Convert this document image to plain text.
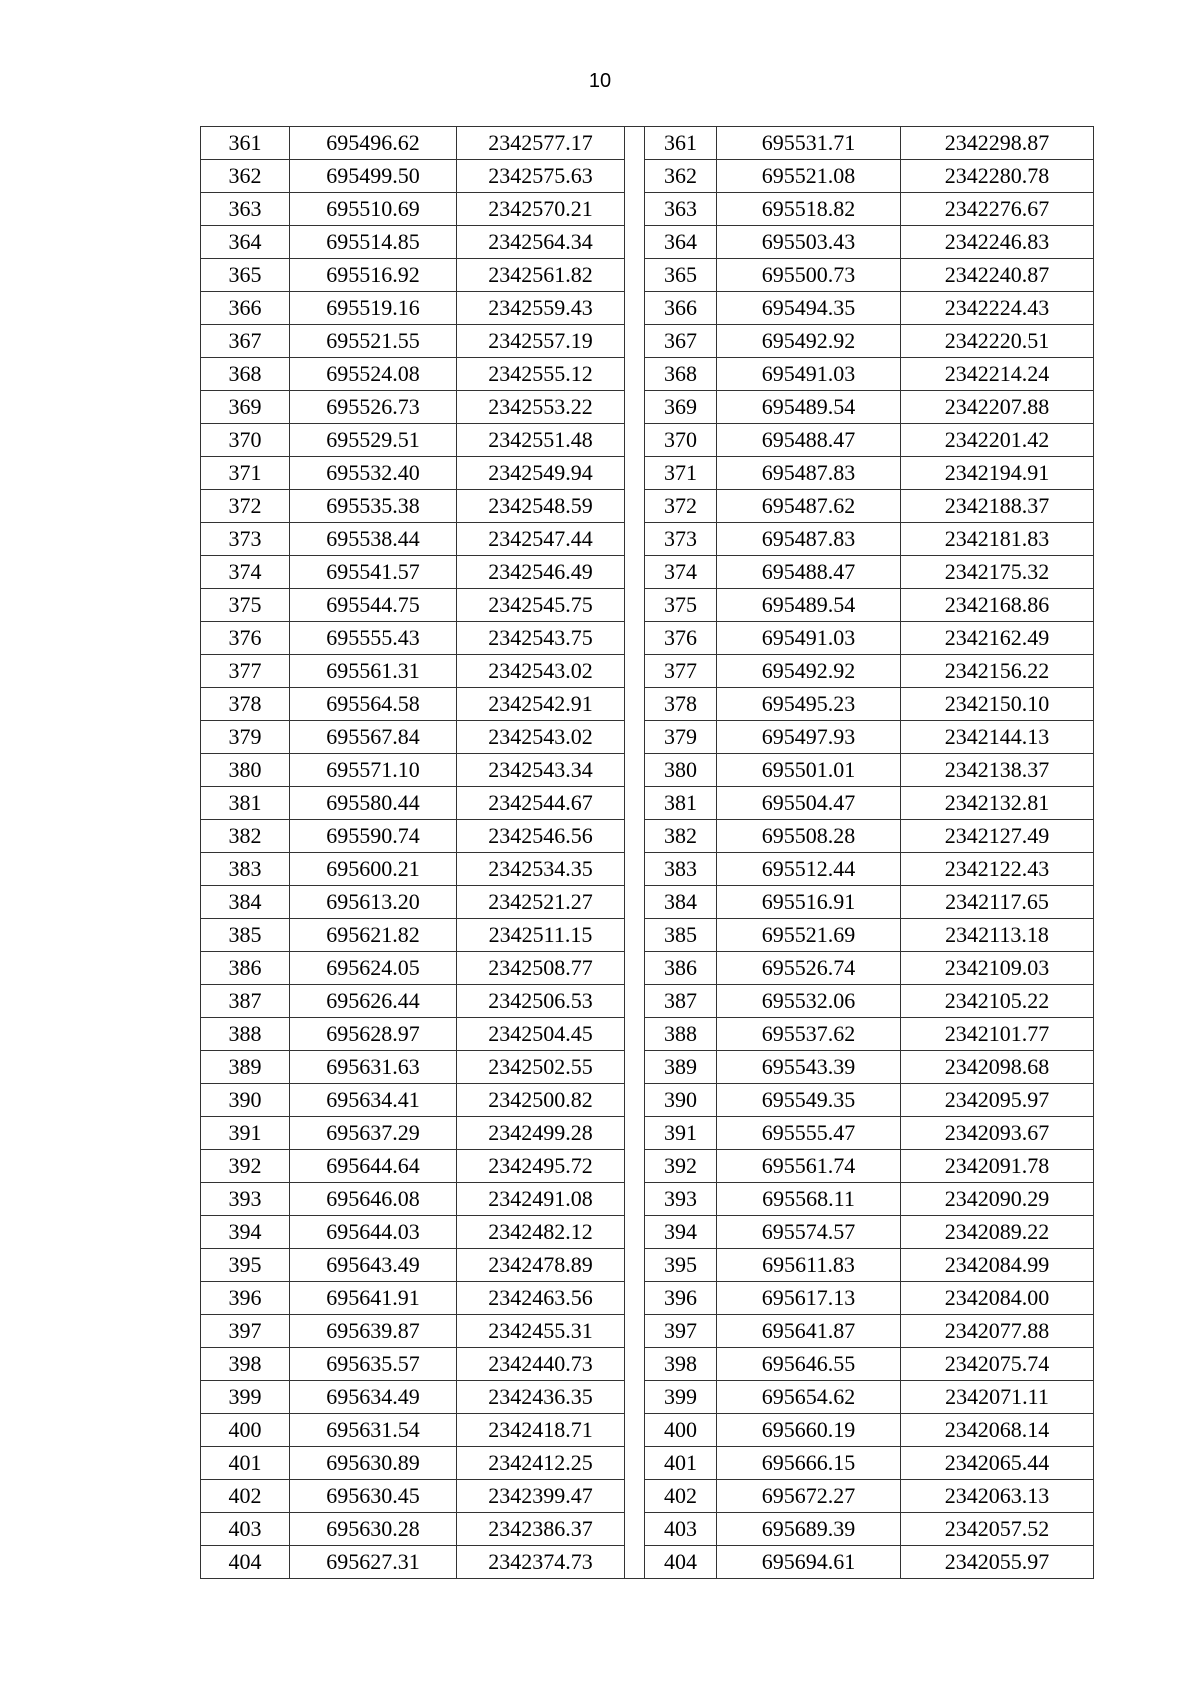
10
361	695496.62	2342577.17		361	695531.71	2342298.87
362	695499.50	2342575.63		362	695521.08	2342280.78
363	695510.69	2342570.21		363	695518.82	2342276.67
364	695514.85	2342564.34		364	695503.43	2342246.83
365	695516.92	2342561.82		365	695500.73	2342240.87
366	695519.16	2342559.43		366	695494.35	2342224.43
367	695521.55	2342557.19		367	695492.92	2342220.51
368	695524.08	2342555.12		368	695491.03	2342214.24
369	695526.73	2342553.22		369	695489.54	2342207.88
370	695529.51	2342551.48		370	695488.47	2342201.42
371	695532.40	2342549.94		371	695487.83	2342194.91
372	695535.38	2342548.59		372	695487.62	2342188.37
373	695538.44	2342547.44		373	695487.83	2342181.83
374	695541.57	2342546.49		374	695488.47	2342175.32
375	695544.75	2342545.75		375	695489.54	2342168.86
376	695555.43	2342543.75		376	695491.03	2342162.49
377	695561.31	2342543.02		377	695492.92	2342156.22
378	695564.58	2342542.91		378	695495.23	2342150.10
379	695567.84	2342543.02		379	695497.93	2342144.13
380	695571.10	2342543.34		380	695501.01	2342138.37
381	695580.44	2342544.67		381	695504.47	2342132.81
382	695590.74	2342546.56		382	695508.28	2342127.49
383	695600.21	2342534.35		383	695512.44	2342122.43
384	695613.20	2342521.27		384	695516.91	2342117.65
385	695621.82	2342511.15		385	695521.69	2342113.18
386	695624.05	2342508.77		386	695526.74	2342109.03
387	695626.44	2342506.53		387	695532.06	2342105.22
388	695628.97	2342504.45		388	695537.62	2342101.77
389	695631.63	2342502.55		389	695543.39	2342098.68
390	695634.41	2342500.82		390	695549.35	2342095.97
391	695637.29	2342499.28		391	695555.47	2342093.67
392	695644.64	2342495.72		392	695561.74	2342091.78
393	695646.08	2342491.08		393	695568.11	2342090.29
394	695644.03	2342482.12		394	695574.57	2342089.22
395	695643.49	2342478.89		395	695611.83	2342084.99
396	695641.91	2342463.56		396	695617.13	2342084.00
397	695639.87	2342455.31		397	695641.87	2342077.88
398	695635.57	2342440.73		398	695646.55	2342075.74
399	695634.49	2342436.35		399	695654.62	2342071.11
400	695631.54	2342418.71		400	695660.19	2342068.14
401	695630.89	2342412.25		401	695666.15	2342065.44
402	695630.45	2342399.47		402	695672.27	2342063.13
403	695630.28	2342386.37		403	695689.39	2342057.52
404	695627.31	2342374.73		404	695694.61	2342055.97
